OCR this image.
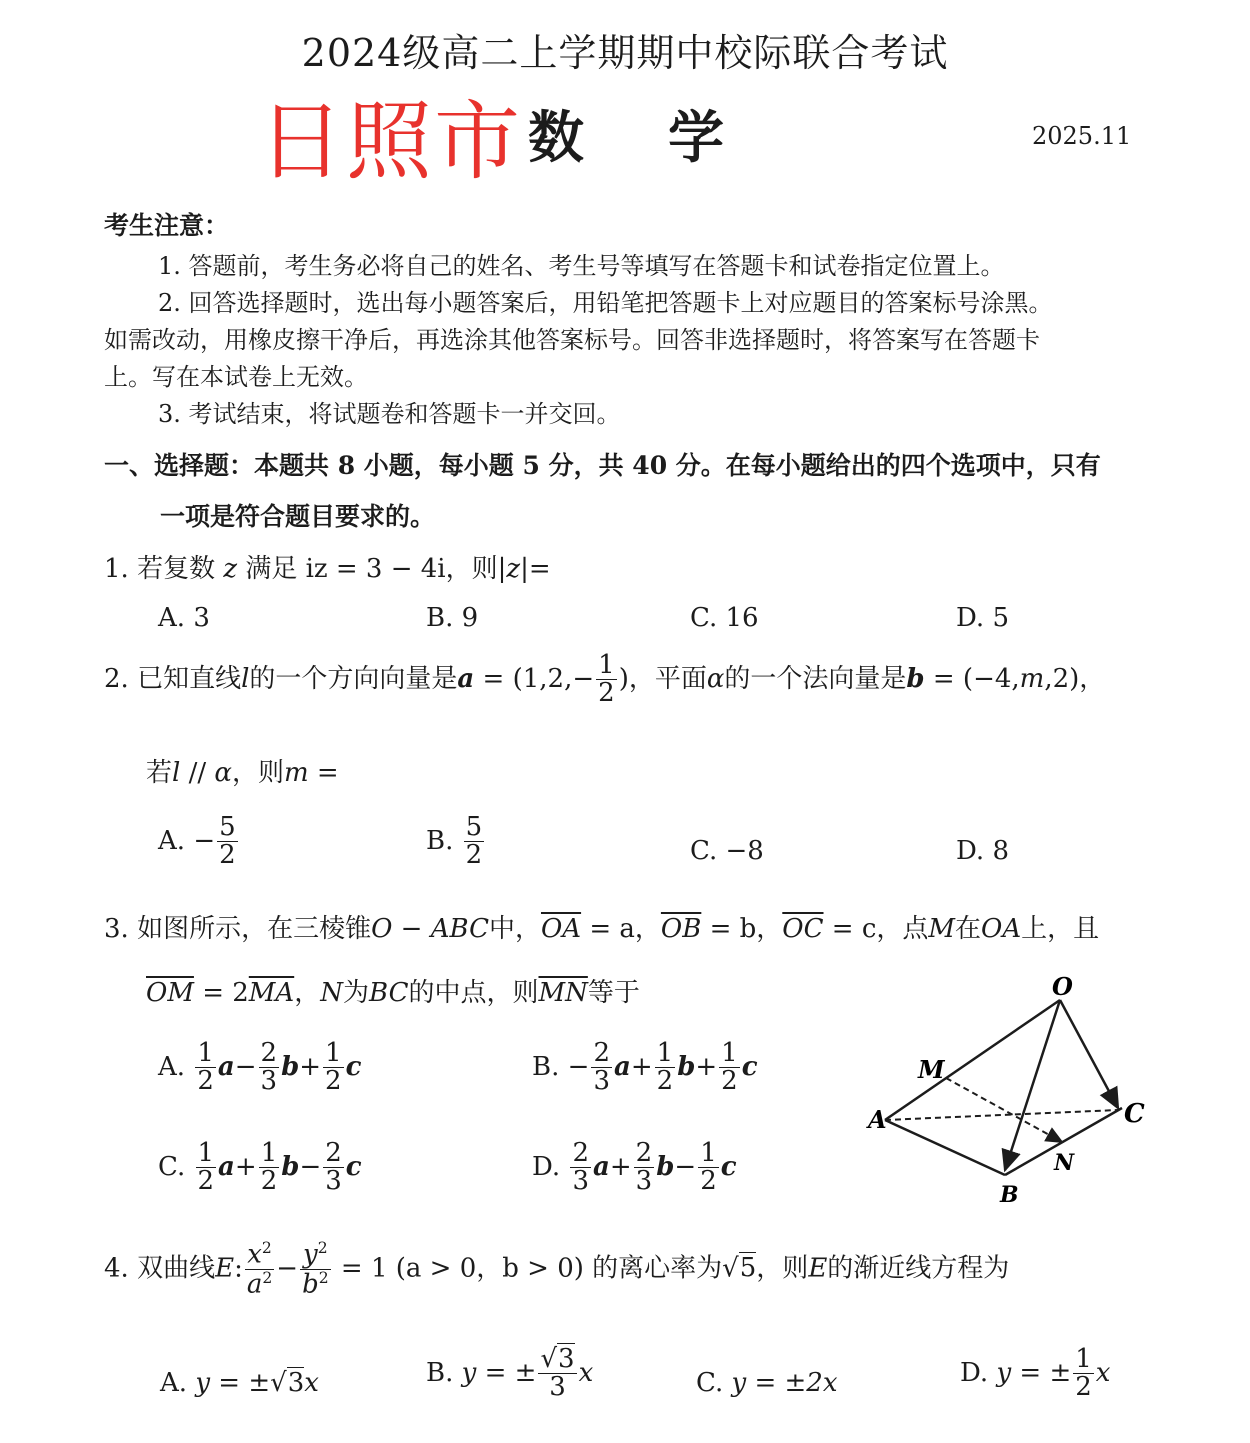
2024级高二上学期期中校际联合考试
日照市 数 学	2025.11
考生注意：
1. 答题前，考生务必将自己的姓名、考生号等填写在答题卡和试卷指定位置上。
2. 回答选择题时，选出每小题答案后，用铅笔把答题卡上对应题目的答案标号涂黑。
如需改动，用橡皮擦干净后，再选涂其他答案标号。回答非选择题时，将答案写在答题卡
上。写在本试卷上无效。
3. 考试结束，将试题卷和答题卡一并交回。
一、选择题：本题共 8 小题，每小题 5 分，共 40 分。在每小题给出的四个选项中，只有
一项是符合题目要求的。
1. 若复数 z 满足 iz = 3 − 4i，则|z|=
A. 3	B. 9	C. 16	D. 5
2. 已知直线l的一个方向向量是$a = (1,2,- \frac{1}{2}$ )，平面α的一个法向量是b = (−4,m,2)，
若l // α，则m =
A. − $\frac{5}{2}$	B. $\frac{5}{2}$	C. −8	D. 8
3. 如图所示，在三棱锥O − ABC中，$\overline{OA} = a$，$\overline{OB} = b$，$\overline{OC} = c$，点M在OA上，且
$\overline{OM} = 2\overline{MA}$，N为BC的中点，则$\overline{MN}$等于
A. $\frac{1}{2} a- \frac{2}{3} b+ \frac{1}{2}$ c	B. − $\frac{2}{3} a+ \frac{1}{2} b+ \frac{1}{2}$ c
C. $\frac{1}{2} a+ \frac{1}{2} b- \frac{2}{3}$ c	D. $\frac{2}{3} a+ \frac{2}{3} b- \frac{1}{2}$ c
O
M
A	C
N
B
4. 双曲线E: $\frac{x^2}{a^2} - \frac{y^2}{b^2} = 1$ (a > 0，b > 0) 的离心率为√5，则E的渐近线方程为
A. y = ±√3x	B. y = ± $\frac{√3}{3}$ x	C. y = ±2x	D. y = ± $\frac{1}{2}$ x
